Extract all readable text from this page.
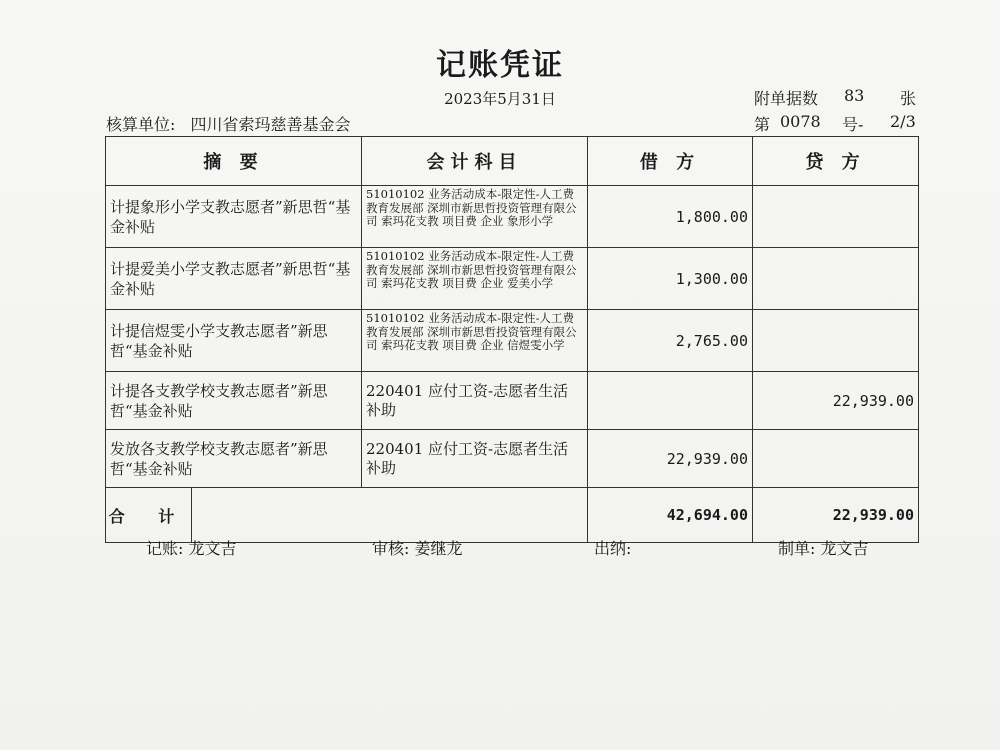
记账凭证
2023年5月31日	附单据数 83 张
核算单位: 四川省索玛慈善基金会	第 0078 号- 2/3
摘 要		会计科目	借 方	贷 方
计提象形小学支教志愿者”新思哲“基金补贴		51010102 业务活动成本-限定性-人工费 教育发展部 深圳市新思哲投资管理有限公司 索玛花支教 项目费 企业 象形小学	1,800.00	
计提爱美小学支教志愿者”新思哲“基金补贴		51010102 业务活动成本-限定性-人工费 教育发展部 深圳市新思哲投资管理有限公司 索玛花支教 项目费 企业 爱美小学	1,300.00	
计提信煜雯小学支教志愿者”新思哲“基金补贴		51010102 业务活动成本-限定性-人工费 教育发展部 深圳市新思哲投资管理有限公司 索玛花支教 项目费 企业 信煜雯小学	2,765.00	
计提各支教学校支教志愿者”新思哲“基金补贴		220401 应付工资-志愿者生活补助		22,939.00
发放各支教学校支教志愿者”新思哲“基金补贴		220401 应付工资-志愿者生活补助	22,939.00	
合 计			42,694.00	22,939.00
记账: 龙文吉	审核: 姜继龙	出纳:	制单: 龙文吉
